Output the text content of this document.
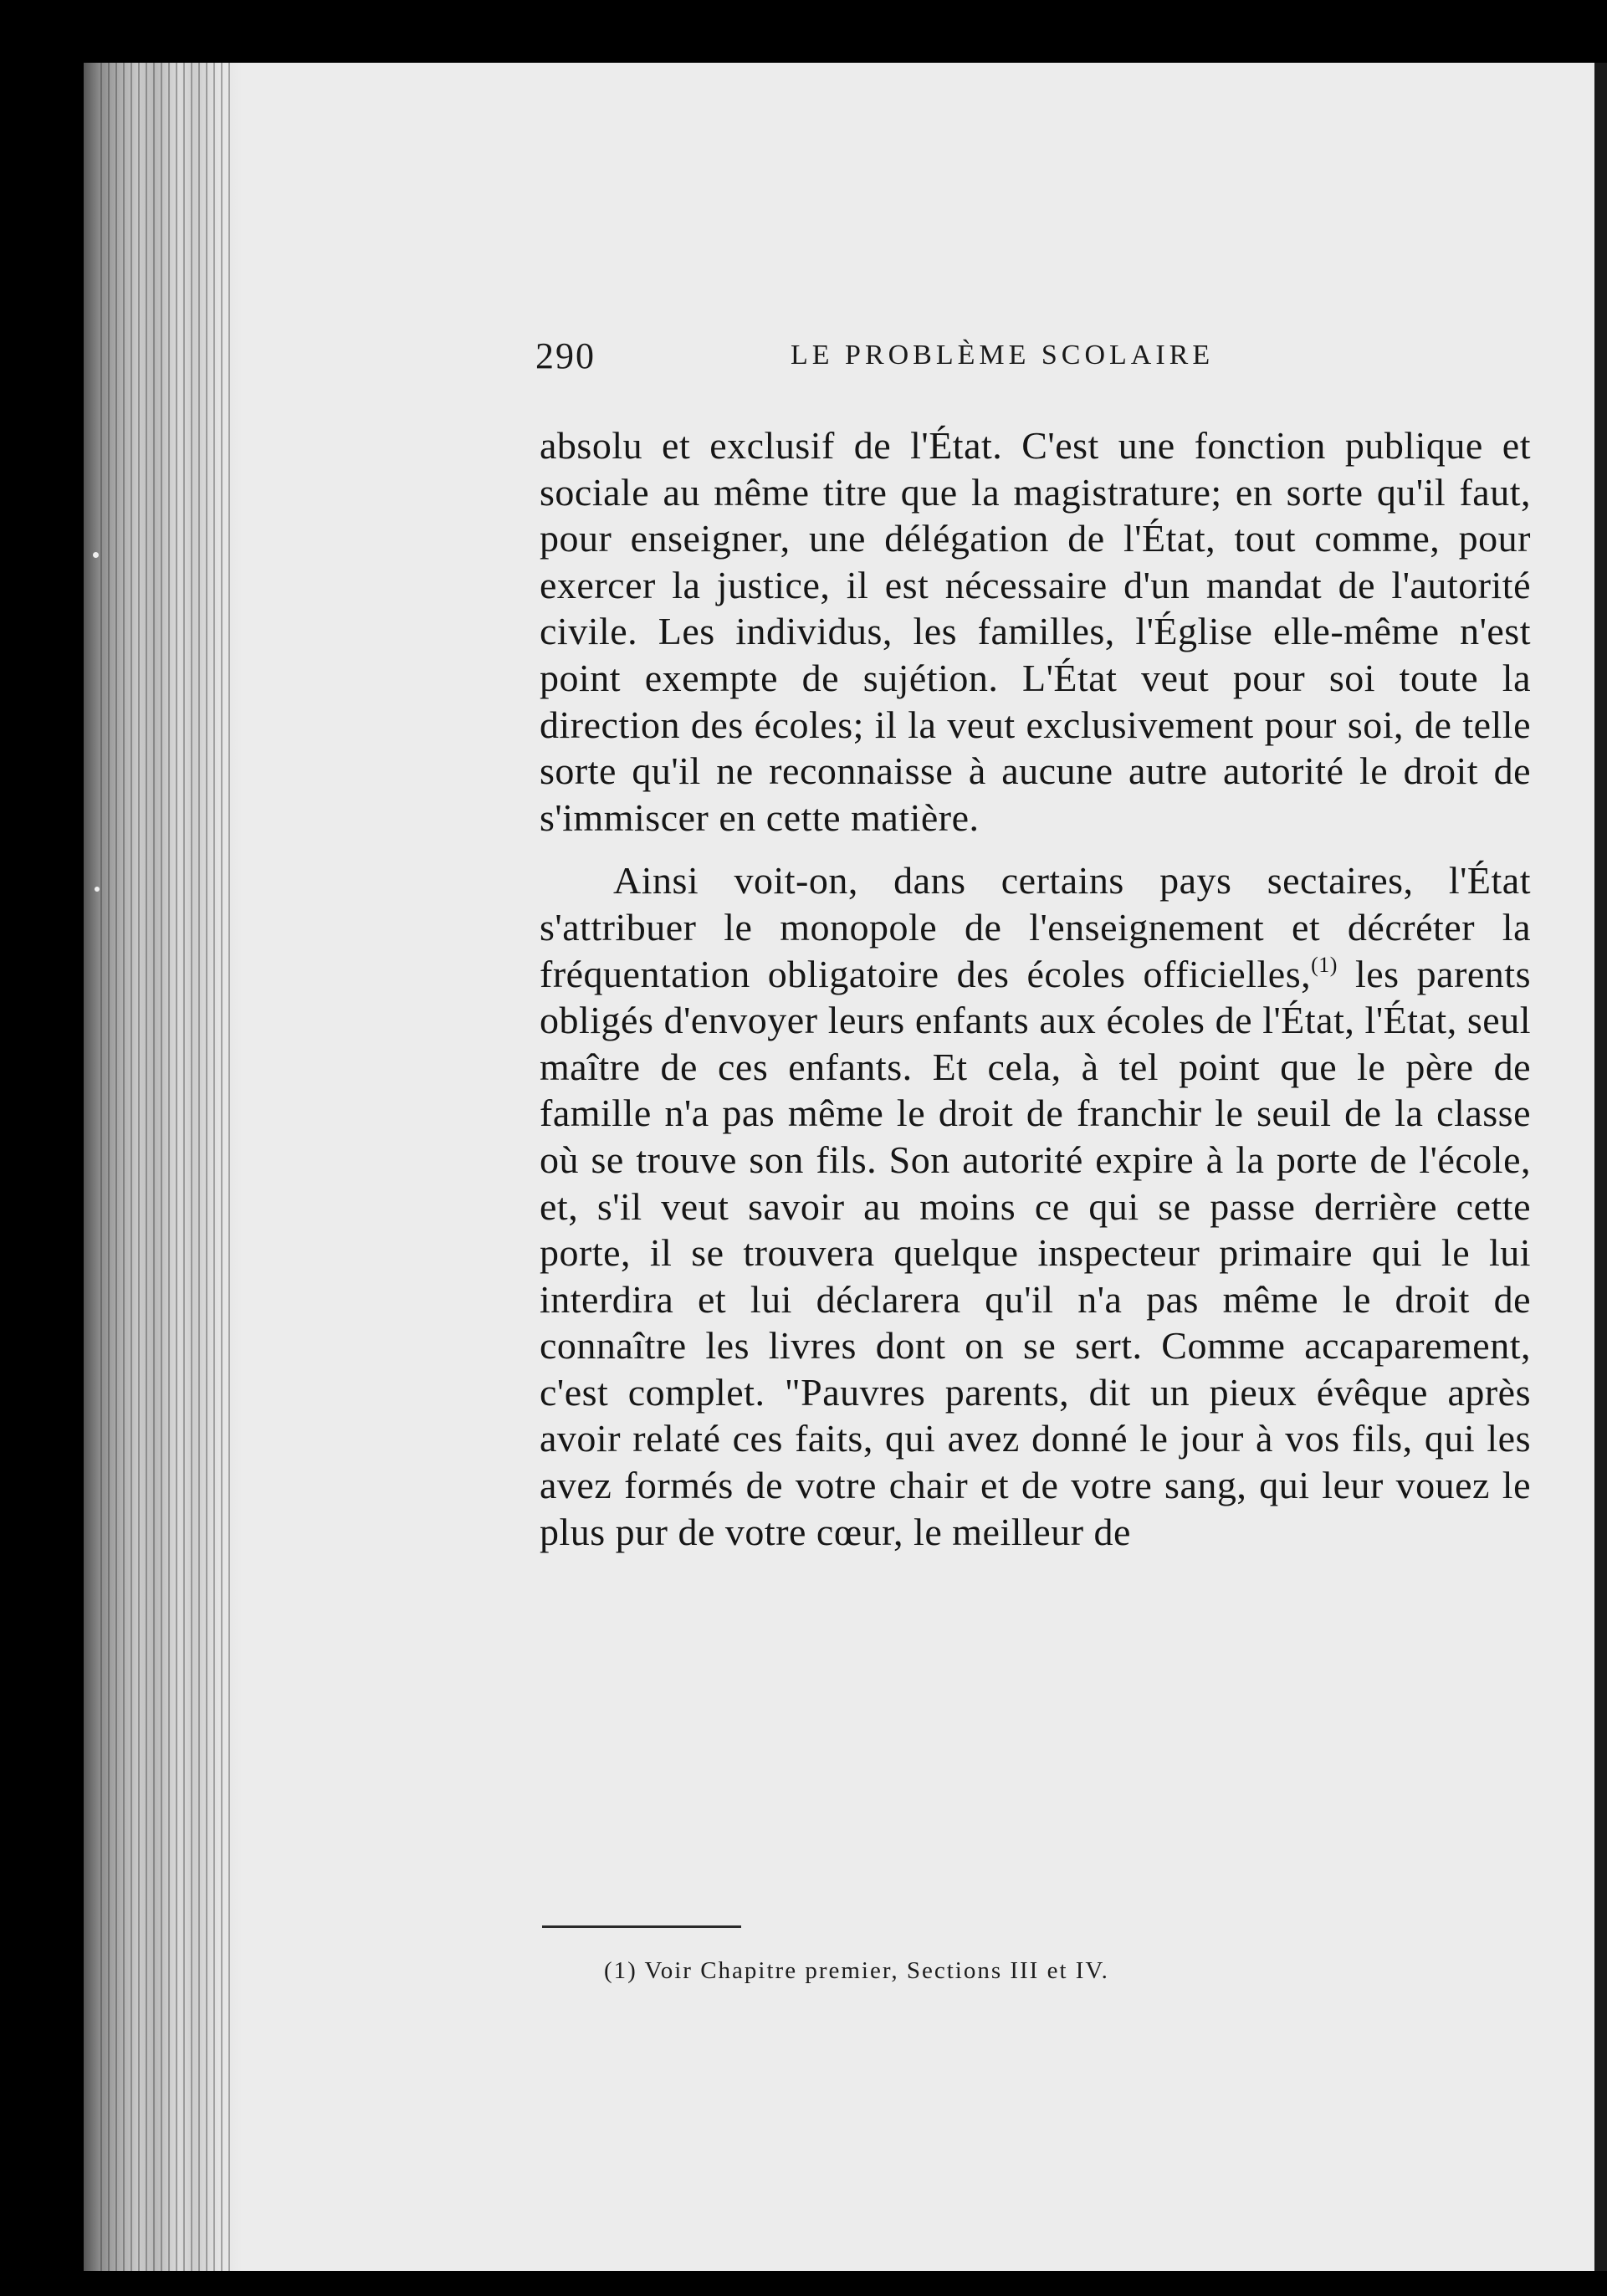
290	LE PROBLÈME SCOLAIRE

absolu et exclusif de l'État. C'est une fonction publique et sociale au même titre que la magistrature; en sorte qu'il faut, pour enseigner, une délégation de l'État, tout comme, pour exercer la justice, il est nécessaire d'un mandat de l'autorité civile. Les individus, les familles, l'Église elle-même n'est point exempte de sujétion. L'État veut pour soi toute la direction des écoles; il la veut exclusivement pour soi, de telle sorte qu'il ne reconnaisse à aucune autre autorité le droit de s'immiscer en cette matière.

Ainsi voit-on, dans certains pays sectaires, l'État s'attribuer le monopole de l'enseignement et décréter la fréquentation obligatoire des écoles officielles,$^{(1)}$ les parents obligés d'envoyer leurs enfants aux écoles de l'État, l'État, seul maître de ces enfants. Et cela, à tel point que le père de famille n'a pas même le droit de franchir le seuil de la classe où se trouve son fils. Son autorité expire à la porte de l'école, et, s'il veut savoir au moins ce qui se passe derrière cette porte, il se trouvera quelque inspecteur primaire qui le lui interdira et lui déclarera qu'il n'a pas même le droit de connaître les livres dont on se sert. Comme accaparement, c'est complet. "Pauvres parents, dit un pieux évêque après avoir relaté ces faits, qui avez donné le jour à vos fils, qui les avez formés de votre chair et de votre sang, qui leur vouez le plus pur de votre cœur, le meilleur de

(1) Voir Chapitre premier, Sections III et IV.
